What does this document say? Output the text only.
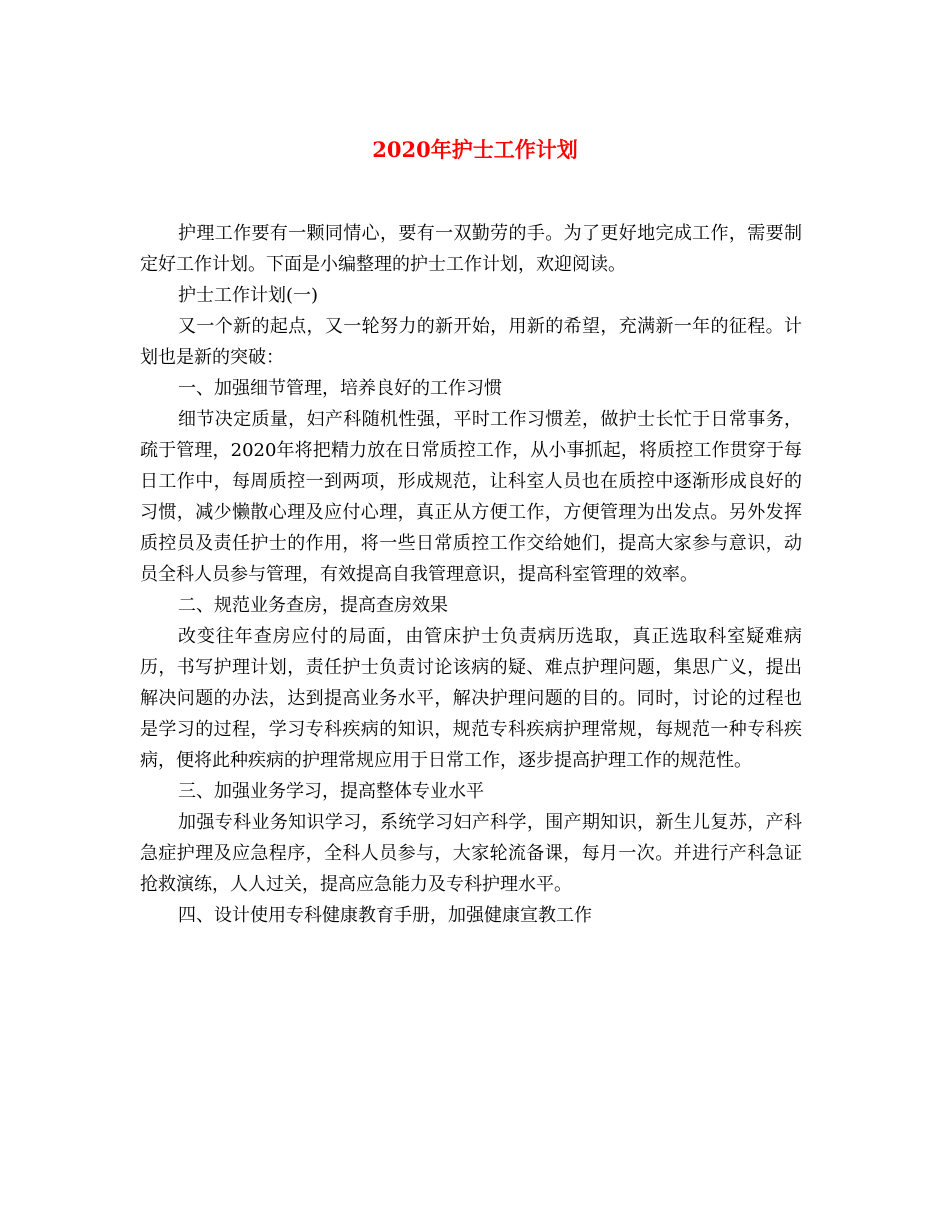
2020年护士工作计划

护理工作要有一颗同情心，要有一双勤劳的手。为了更好地完成工作，需要制定好工作计划。下面是小编整理的护士工作计划，欢迎阅读。

护士工作计划(一)

又一个新的起点，又一轮努力的新开始，用新的希望，充满新一年的征程。计划也是新的突破：

一、加强细节管理，培养良好的工作习惯

细节决定质量，妇产科随机性强，平时工作习惯差，做护士长忙于日常事务，疏于管理，2020年将把精力放在日常质控工作，从小事抓起，将质控工作贯穿于每日工作中，每周质控一到两项，形成规范，让科室人员也在质控中逐渐形成良好的习惯，减少懒散心理及应付心理，真正从方便工作，方便管理为出发点。另外发挥质控员及责任护士的作用，将一些日常质控工作交给她们，提高大家参与意识，动员全科人员参与管理，有效提高自我管理意识，提高科室管理的效率。

二、规范业务查房，提高查房效果

改变往年查房应付的局面，由管床护士负责病历选取，真正选取科室疑难病历，书写护理计划，责任护士负责讨论该病的疑、难点护理问题，集思广义，提出解决问题的办法，达到提高业务水平，解决护理问题的目的。同时，讨论的过程也是学习的过程，学习专科疾病的知识，规范专科疾病护理常规，每规范一种专科疾病，便将此种疾病的护理常规应用于日常工作，逐步提高护理工作的规范性。

三、加强业务学习，提高整体专业水平

加强专科业务知识学习，系统学习妇产科学，围产期知识，新生儿复苏，产科急症护理及应急程序，全科人员参与，大家轮流备课，每月一次。并进行产科急证抢救演练，人人过关，提高应急能力及专科护理水平。

四、设计使用专科健康教育手册，加强健康宣教工作
